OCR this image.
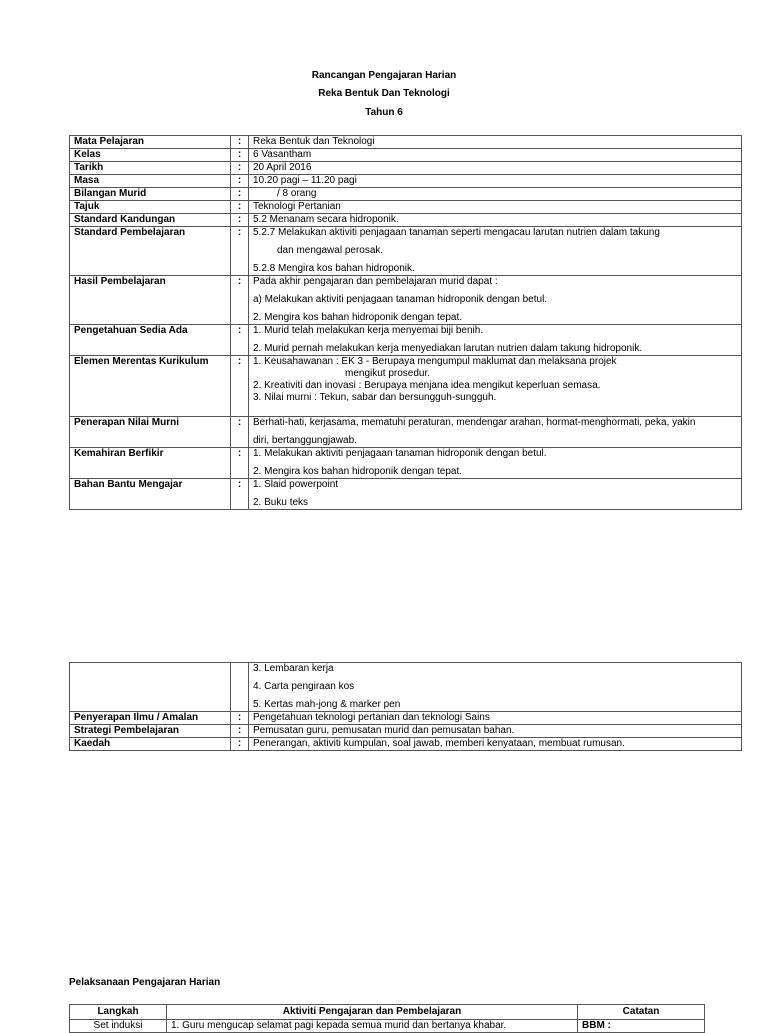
Rancangan Pengajaran Harian
Reka Bentuk Dan Teknologi
Tahun 6
Mata Pelajaran	:	Reka Bentuk dan Teknologi
Kelas	:	6 Vasantham
Tarikh	:	20 April 2016
Masa	:	10.20 pagi – 11.20 pagi
Bilangan Murid	:	/ 8 orang
Tajuk	:	Teknologi Pertanian
Standard Kandungan	:	5.2 Menanam secara hidroponik.
Standard Pembelajaran	:	5.2.7 Melakukan aktiviti penjagaan tanaman seperti mengacau larutan nutrien dalam takung
dan mengawal perosak.
5.2.8 Mengira kos bahan hidroponik.

Hasil Pembelajaran	:	Pada akhir pengajaran dan pembelajaran murid dapat :
a) Melakukan aktiviti penjagaan tanaman hidroponik dengan betul.
2. Mengira kos bahan hidroponik dengan tepat.

Pengetahuan Sedia Ada	:	1. Murid telah melakukan kerja menyemai biji benih.
2. Murid pernah melakukan kerja menyediakan larutan nutrien dalam takung hidroponik.

Elemen Merentas Kurikulum	:	1. Keusahawanan : EK 3 - Berupaya mengumpul maklumat dan melaksana projek
mengikut prosedur.
2. Kreativiti dan inovasi : Berupaya menjana idea mengikut keperluan semasa.
3. Nilai murni : Tekun, sabar dan bersungguh-sungguh.

Penerapan Nilai Murni	:	Berhati-hati, kerjasama, mematuhi peraturan, mendengar arahan, hormat-menghormati, peka, yakin
diri, bertanggungjawab.

Kemahiran Berfikir	:	1. Melakukan aktiviti penjagaan tanaman hidroponik dengan betul.
2. Mengira kos bahan hidroponik dengan tepat.

Bahan Bantu Mengajar	:	1. Slaid powerpoint
2. Buku teks

		3. Lembaran kerja
4. Carta pengiraan kos
5. Kertas mah-jong & marker pen

Penyerapan Ilmu / Amalan	:	Pengetahuan teknologi pertanian dan teknologi Sains
Strategi Pembelajaran	:	Pemusatan guru, pemusatan murid dan pemusatan bahan.
Kaedah	:	Penerangan, aktiviti kumpulan, soal jawab, memberi kenyataan, membuat rumusan.
Pelaksanaan Pengajaran Harian
Langkah	Aktiviti Pengajaran dan Pembelajaran	Catatan
Set induksi	1. Guru mengucap selamat pagi kepada semua murid dan bertanya khabar.	BBM :
